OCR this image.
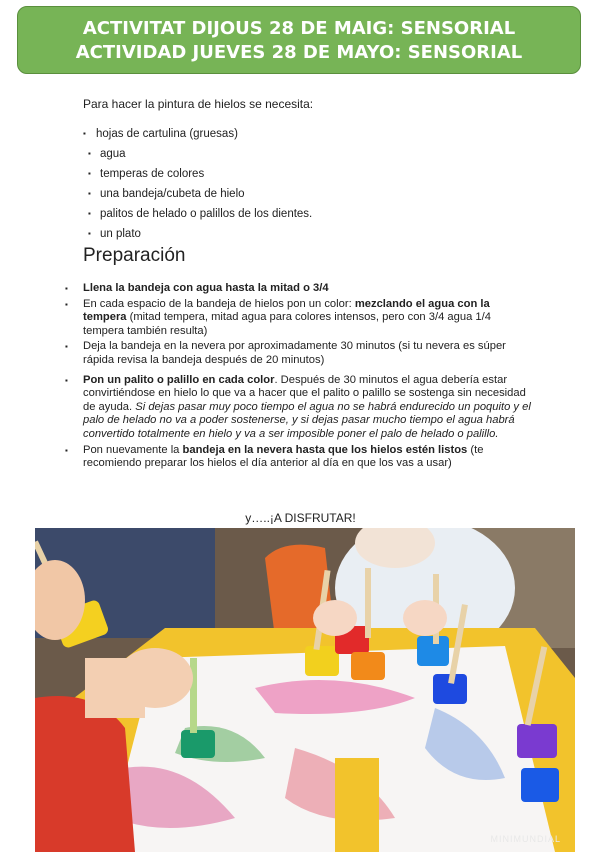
ACTIVITAT DIJOUS 28 DE MAIG: SENSORIAL
ACTIVIDAD JUEVES 28 DE MAYO: SENSORIAL
Para hacer la pintura de hielos se necesita:
▪ hojas de cartulina (gruesas)
▪ agua
▪ temperas de colores
▪ una bandeja/cubeta de hielo
▪ palitos de helado o palillos de los dientes.
▪ un plato
Preparación
▪ Llena la bandeja con agua hasta la mitad o 3/4
▪ En cada espacio de la bandeja de hielos pon un color: mezclando el agua con la tempera (mitad tempera, mitad agua para colores intensos, pero con 3/4 agua 1/4 tempera también resulta)
▪ Deja la bandeja en la nevera por aproximadamente 30 minutos (si tu nevera es súper rápida revisa la bandeja después de 20 minutos)
▪ Pon un palito o palillo en cada color. Después de 30 minutos el agua debería estar convirtiéndose en hielo lo que va a hacer que el palito o palillo se sostenga sin necesidad de ayuda. Si dejas pasar muy poco tiempo el agua no se habrá endurecido un poquito y el palo de helado no va a poder sostenerse, y si dejas pasar mucho tiempo el agua habrá convertido totalmente en hielo y va a ser imposible poner el palo de helado o palillo.
▪ Pon nuevamente la bandeja en la nevera hasta que los hielos estén listos (te recomiendo preparar los hielos el día anterior al día en que los vas a usar)
y…..¡A DISFRUTAR!
MINIMUNDIAL
